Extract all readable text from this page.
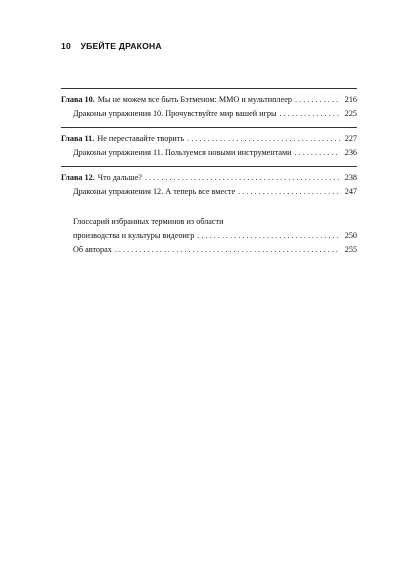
10 УБЕЙТЕ ДРАКОНА
Глава 10. Мы не можем все быть Бэтменом: ММО и мультиплеер . . .	216
Драконьи упражнения 10. Прочувствуйте мир вашей игры . . .	225
Глава 11. Не переставайте творить . . .	227
Драконьи упражнения 11. Пользуемся новыми инструментами . . .	236
Глава 12. Что дальше? . . .	238
Драконьи упражнения 12. А теперь все вместе . . .	247
Глоссарий избранных терминов из области
производства и культуры видеоигр . . .	250
Об авторах . . .	255
